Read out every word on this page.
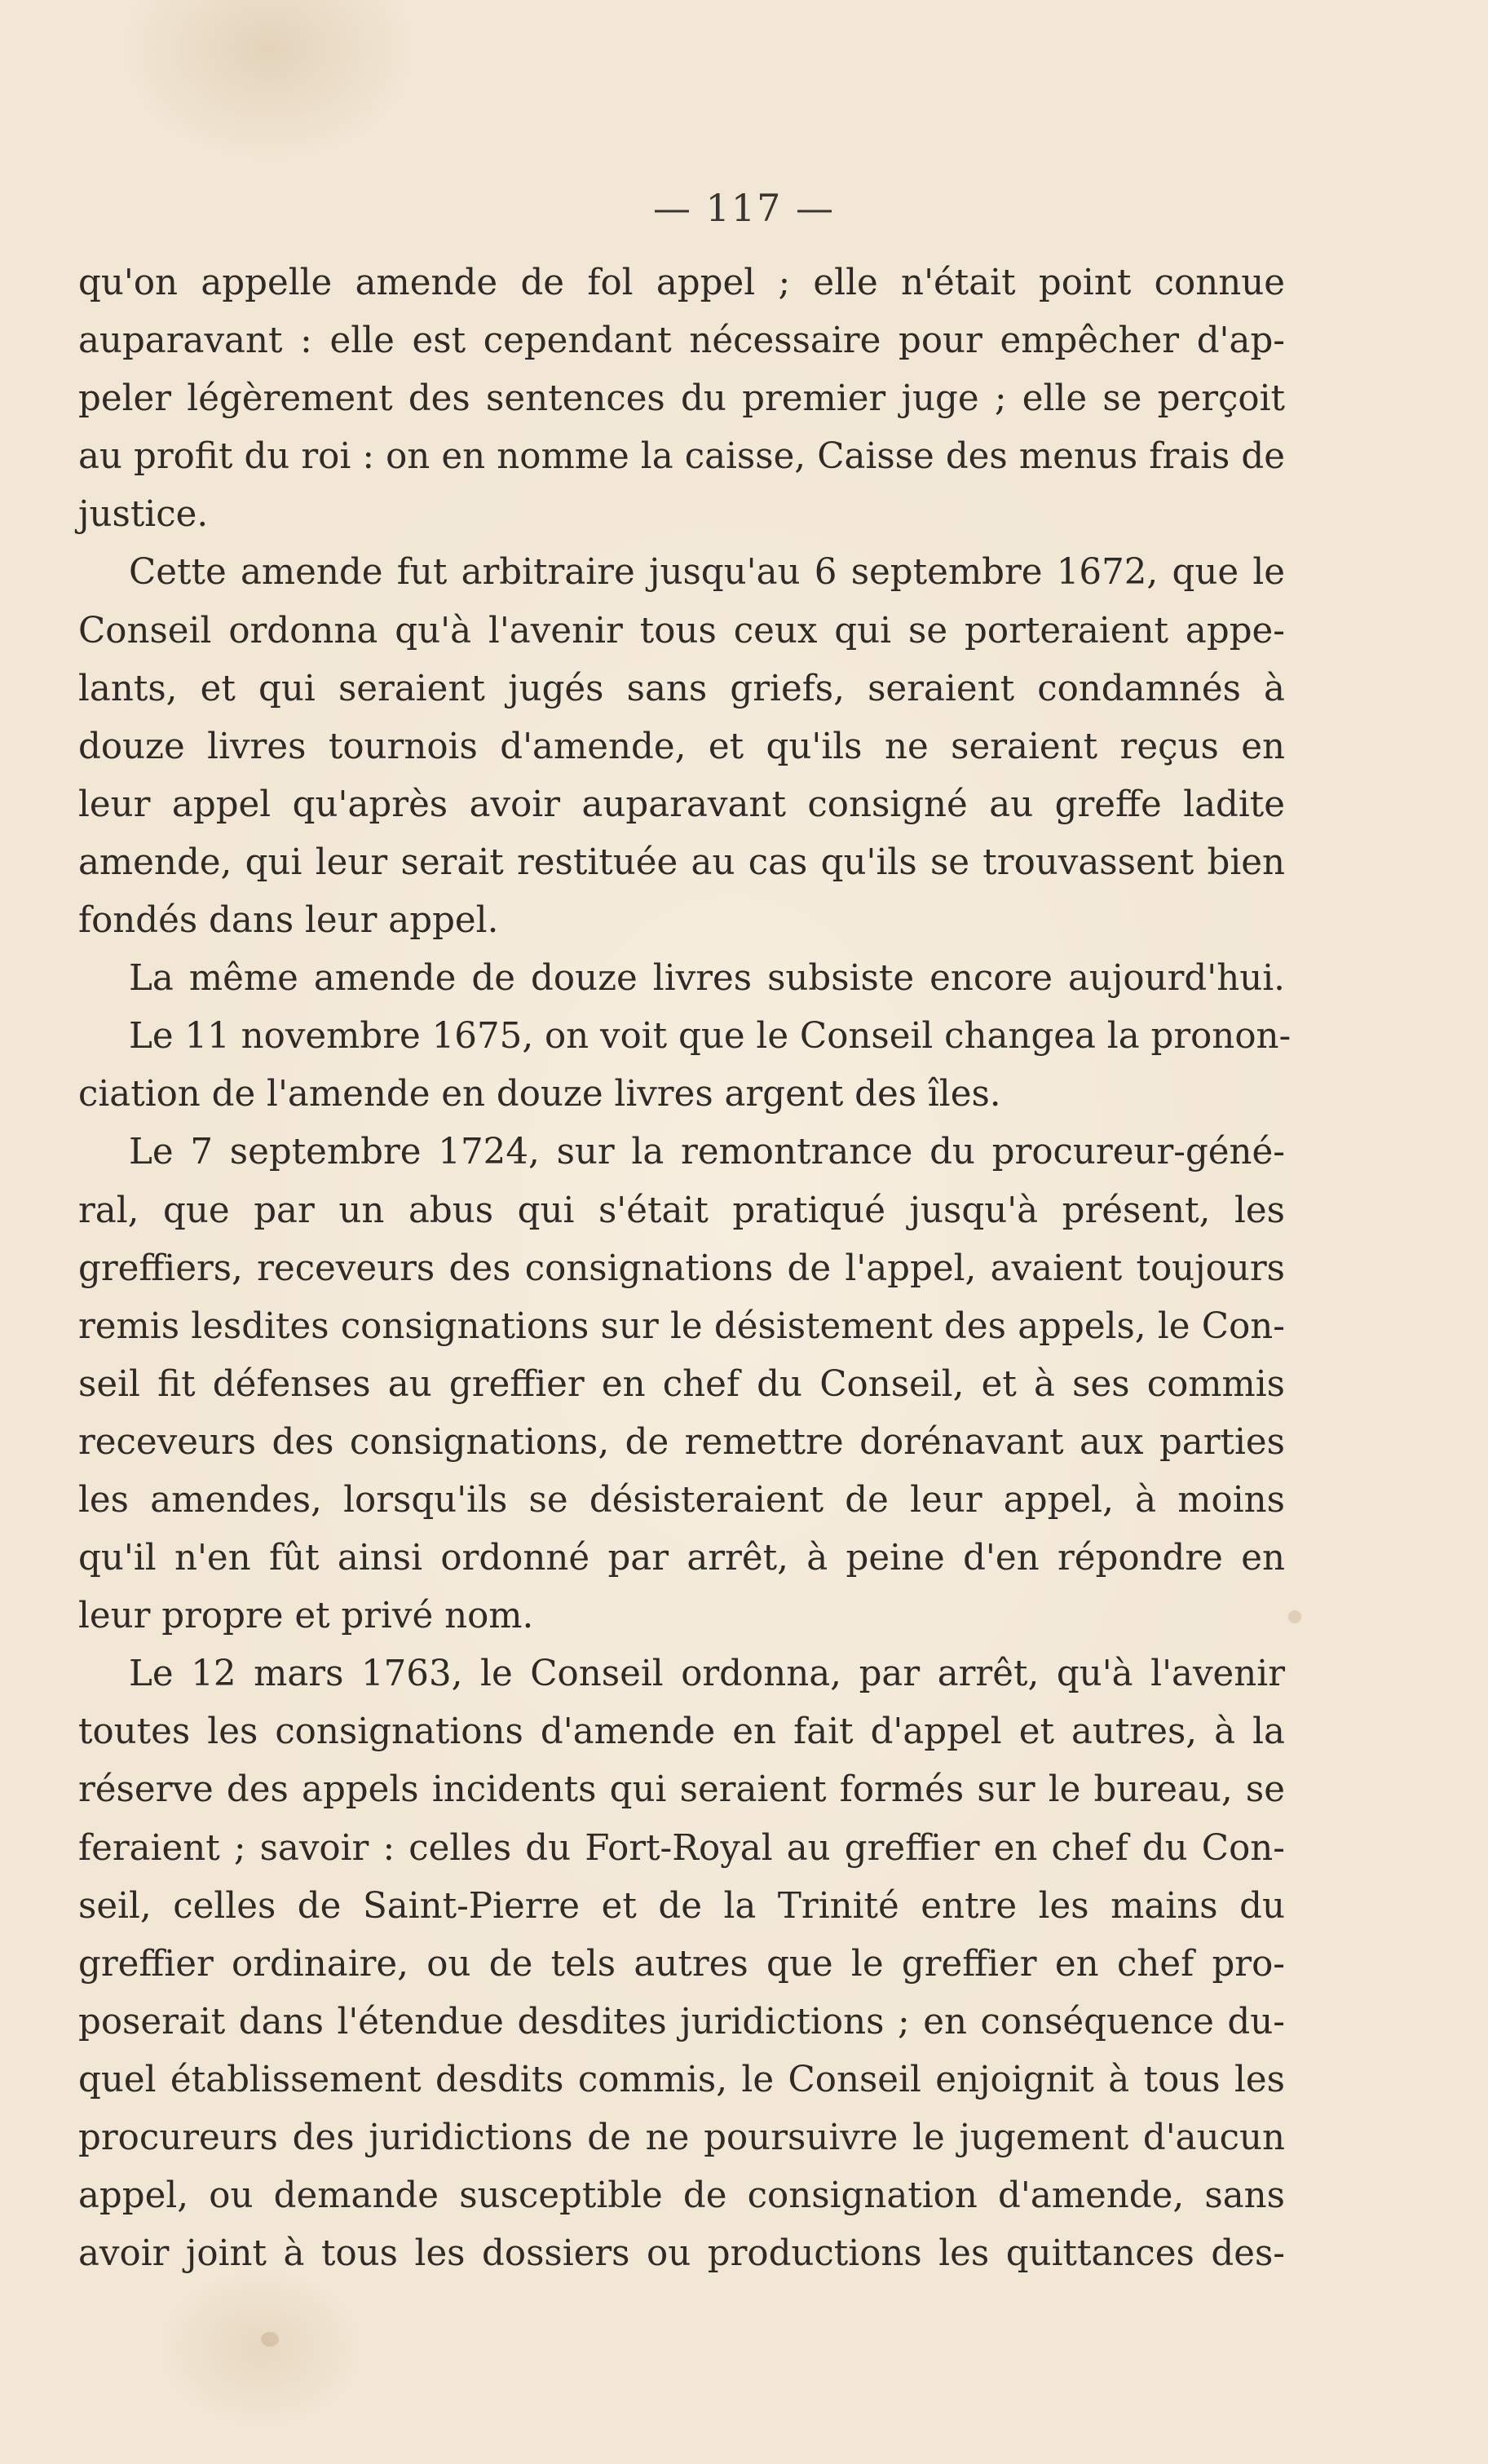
— 117 —
qu'on appelle amende de fol appel ; elle n'était point connue
auparavant : elle est cependant nécessaire pour empêcher d'ap-
peler légèrement des sentences du premier juge ; elle se perçoit
au profit du roi : on en nomme la caisse, Caisse des menus frais de
justice.
Cette amende fut arbitraire jusqu'au 6 septembre 1672, que le
Conseil ordonna qu'à l'avenir tous ceux qui se porteraient appe-
lants, et qui seraient jugés sans griefs, seraient condamnés à
douze livres tournois d'amende, et qu'ils ne seraient reçus en
leur appel qu'après avoir auparavant consigné au greffe ladite
amende, qui leur serait restituée au cas qu'ils se trouvassent bien
fondés dans leur appel.
La même amende de douze livres subsiste encore aujourd'hui.
Le 11 novembre 1675, on voit que le Conseil changea la pronon-
ciation de l'amende en douze livres argent des îles.
Le 7 septembre 1724, sur la remontrance du procureur-géné-
ral, que par un abus qui s'était pratiqué jusqu'à présent, les
greffiers, receveurs des consignations de l'appel, avaient toujours
remis lesdites consignations sur le désistement des appels, le Con-
seil fit défenses au greffier en chef du Conseil, et à ses commis
receveurs des consignations, de remettre dorénavant aux parties
les amendes, lorsqu'ils se désisteraient de leur appel, à moins
qu'il n'en fût ainsi ordonné par arrêt, à peine d'en répondre en
leur propre et privé nom.
Le 12 mars 1763, le Conseil ordonna, par arrêt, qu'à l'avenir
toutes les consignations d'amende en fait d'appel et autres, à la
réserve des appels incidents qui seraient formés sur le bureau, se
feraient ; savoir : celles du Fort-Royal au greffier en chef du Con-
seil, celles de Saint-Pierre et de la Trinité entre les mains du
greffier ordinaire, ou de tels autres que le greffier en chef pro-
poserait dans l'étendue desdites juridictions ; en conséquence du-
quel établissement desdits commis, le Conseil enjoignit à tous les
procureurs des juridictions de ne poursuivre le jugement d'aucun
appel, ou demande susceptible de consignation d'amende, sans
avoir joint à tous les dossiers ou productions les quittances des-
